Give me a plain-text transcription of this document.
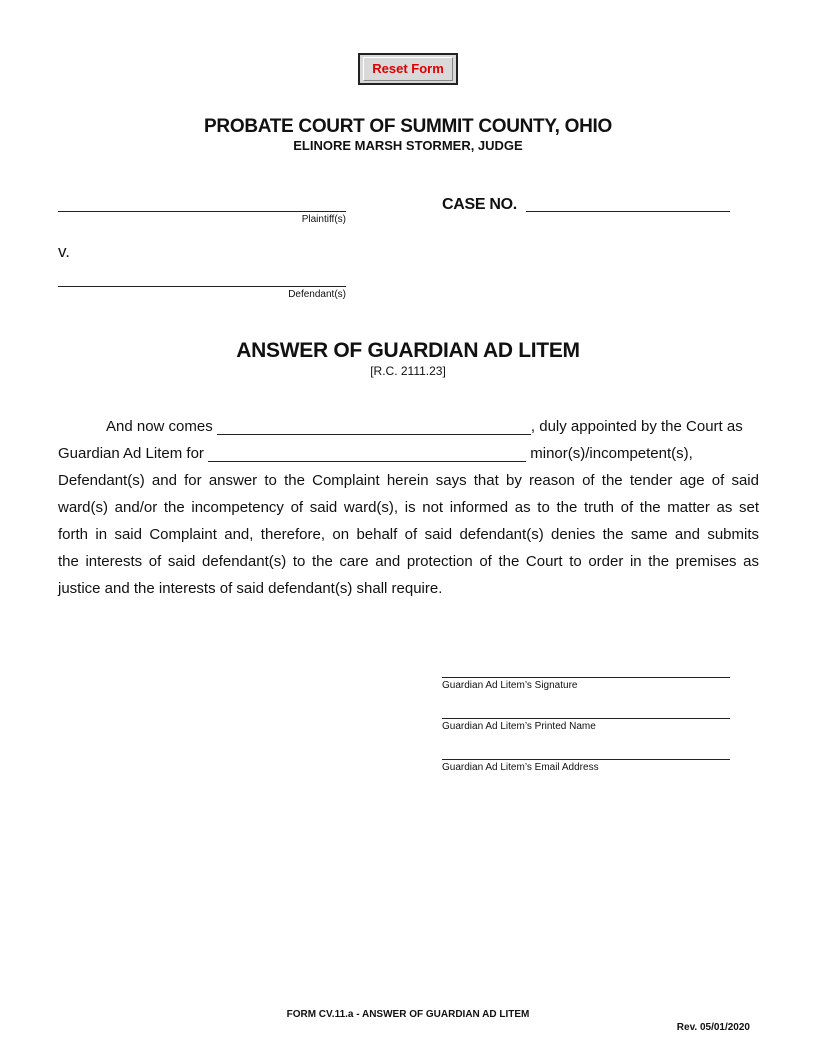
Reset Form
PROBATE COURT OF SUMMIT COUNTY, OHIO
ELINORE MARSH STORMER, JUDGE
Plaintiff(s)
CASE NO.
v.
Defendant(s)
ANSWER OF GUARDIAN AD LITEM
[R.C. 2111.23]
And now comes	, duly appointed by the Court as
Guardian Ad Litem for	minor(s)/incompetent(s),
Defendant(s) and for answer to the Complaint herein says that by reason of the tender age of said
ward(s) and/or the incompetency of said ward(s), is not informed as to the truth of the matter as set
forth in said Complaint and, therefore, on behalf of said defendant(s) denies the same and submits
the interests of said defendant(s) to the care and protection of the Court to order in the premises as
justice and the interests of said defendant(s) shall require.
Guardian Ad Litem’s Signature
Guardian Ad Litem’s Printed Name
Guardian Ad Litem’s Email Address
FORM CV.11.a - ANSWER OF GUARDIAN AD LITEM
Rev. 05/01/2020
